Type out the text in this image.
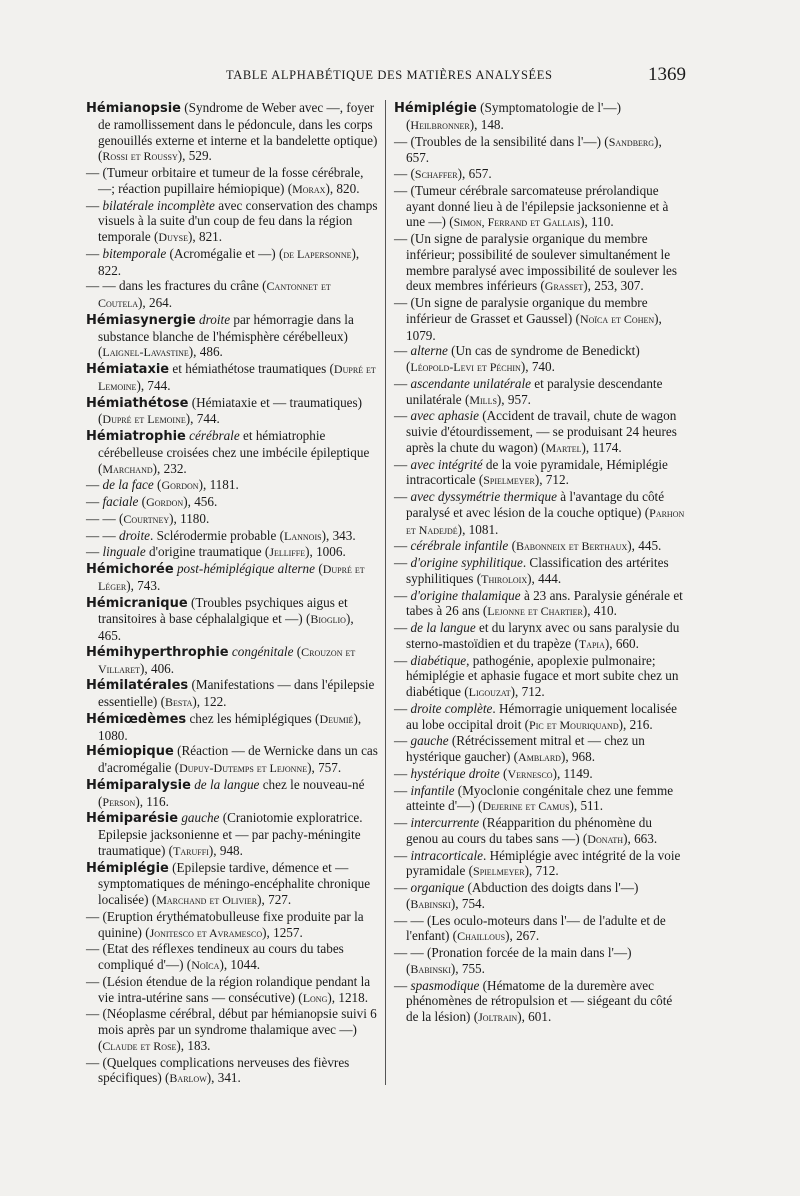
TABLE ALPHABÉTIQUE DES MATIÈRES ANALYSÉES	1369

Hémianopsie (Syndrome de Weber avec —, foyer de ramollissement dans le pédoncule, dans les corps genouillés externe et interne et la bandelette optique) (Rossi et Roussy), 529.

— (Tumeur orbitaire et tumeur de la fosse cérébrale, —; réaction pupillaire hémiopique) (Morax), 820.

— bilatérale incomplète avec conservation des champs visuels à la suite d'un coup de feu dans la région temporale (Duyse), 821.

— bitemporale (Acromégalie et —) (de Lapersonne), 822.

— — dans les fractures du crâne (Cantonnet et Coutela), 264.

Hémiasynergie droite par hémorragie dans la substance blanche de l'hémisphère cérébelleux) (Laignel-Lavastine), 486.

Hémiataxie et hémiathétose traumatiques (Dupré et Lemoine), 744.

Hémiathétose (Hémiataxie et — traumatiques) (Dupré et Lemoine), 744.

Hémiatrophie cérébrale et hémiatrophie cérébelleuse croisées chez une imbécile épileptique (Marchand), 232.

— de la face (Gordon), 1181.

— faciale (Gordon), 456.

— — (Courtney), 1180.

— — droite. Sclérodermie probable (Lannois), 343.

— linguale d'origine traumatique (Jelliffe), 1006.

Hémichorée post-hémiplégique alterne (Dupré et Léger), 743.

Hémicranique (Troubles psychiques aigus et transitoires à base céphalalgique et —) (Bioglio), 465.

Hémihyperthrophie congénitale (Crouzon et Villaret), 406.

Hémilatérales (Manifestations — dans l'épilepsie essentielle) (Besta), 122.

Hémiœdèmes chez les hémiplégiques (Deumié), 1080.

Hémiopique (Réaction — de Wernicke dans un cas d'acromégalie (Dupuy-Dutemps et Lejonne), 757.

Hémiparalysie de la langue chez le nouveau-né (Person), 116.

Hémiparésie gauche (Craniotomie exploratrice. Epilepsie jacksonienne et — par pachy-méningite traumatique) (Taruffi), 948.

Hémiplégie (Epilepsie tardive, démence et — symptomatiques de méningo-encéphalite chronique localisée) (Marchand et Olivier), 727.

— (Eruption érythématobulleuse fixe produite par la quinine) (Jonitesco et Avramesco), 1257.

— (Etat des réflexes tendineux au cours du tabes compliqué d'—) (Noïca), 1044.

— (Lésion étendue de la région rolandique pendant la vie intra-utérine sans — consécutive) (Long), 1218.

— (Néoplasme cérébral, début par hémianopsie suivi 6 mois après par un syndrome thalamique avec —) (Claude et Rose), 183.

— (Quelques complications nerveuses des fièvres spécifiques) (Barlow), 341.

Hémiplégie (Symptomatologie de l'—) (Heilbronner), 148.

— (Troubles de la sensibilité dans l'—) (Sandberg), 657.

— (Schaffer), 657.

— (Tumeur cérébrale sarcomateuse prérolandique ayant donné lieu à de l'épilepsie jacksonienne et à une —) (Simon, Ferrand et Gallais), 110.

— (Un signe de paralysie organique du membre inférieur; possibilité de soulever simultanément le membre paralysé avec impossibilité de soulever les deux membres inférieurs (Grasset), 253, 307.

— (Un signe de paralysie organique du membre inférieur de Grasset et Gaussel) (Noïca et Cohen), 1079.

— alterne (Un cas de syndrome de Benedickt) (Léopold-Levi et Péchin), 740.

— ascendante unilatérale et paralysie descendante unilatérale (Mills), 957.

— avec aphasie (Accident de travail, chute de wagon suivie d'étourdissement, — se produisant 24 heures après la chute du wagon) (Martel), 1174.

— avec intégrité de la voie pyramidale, Hémiplégie intracorticale (Spielmeyer), 712.

— avec dyssymétrie thermique à l'avantage du côté paralysé et avec lésion de la couche optique) (Parhon et Nadejdé), 1081.

— cérébrale infantile (Babonneix et Berthaux), 445.

— d'origine syphilitique. Classification des artérites syphilitiques (Thiroloix), 444.

— d'origine thalamique à 23 ans. Paralysie générale et tabes à 26 ans (Lejonne et Chartier), 410.

— de la langue et du larynx avec ou sans paralysie du sterno-mastoïdien et du trapèze (Tapia), 660.

— diabétique, pathogénie, apoplexie pulmonaire; hémiplégie et aphasie fugace et mort subite chez un diabétique (Ligouzat), 712.

— droite complète. Hémorragie uniquement localisée au lobe occipital droit (Pic et Mouriquand), 216.

— gauche (Rétrécissement mitral et — chez un hystérique gaucher) (Amblard), 968.

— hystérique droite (Vernesco), 1149.

— infantile (Myoclonie congénitale chez une femme atteinte d'—) (Dejerine et Camus), 511.

— intercurrente (Réapparition du phénomène du genou au cours du tabes sans —) (Donath), 663.

— intracorticale. Hémiplégie avec intégrité de la voie pyramidale (Spielmeyer), 712.

— organique (Abduction des doigts dans l'—) (Babinski), 754.

— — (Les oculo-moteurs dans l'— de l'adulte et de l'enfant) (Chaillous), 267.

— — (Pronation forcée de la main dans l'—) (Babinski), 755.

— spasmodique (Hématome de la duremère avec phénomènes de rétropulsion et — siégeant du côté de la lésion) (Joltrain), 601.
